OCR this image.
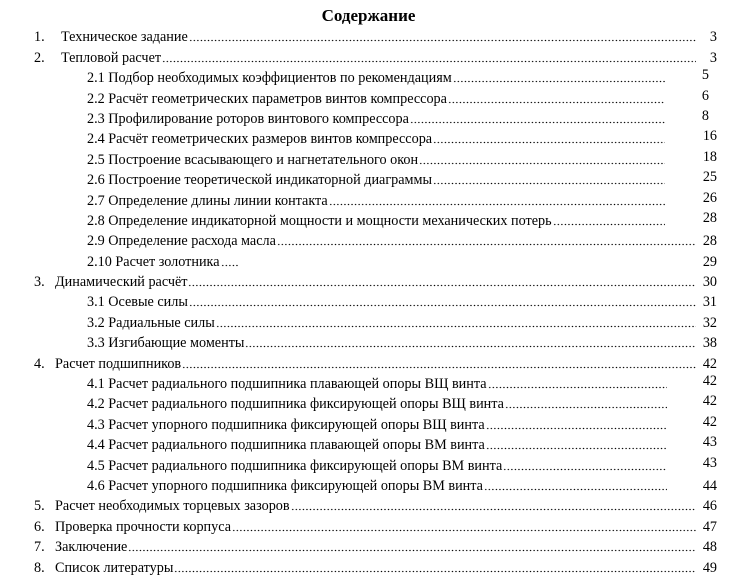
Содержание
1. Техническое задание	3
2. Тепловой расчет	3
2.1 Подбор необходимых коэффициентов по рекомендациям	5
2.2 Расчёт геометрических параметров винтов компрессора	6
2.3 Профилирование роторов винтового компрессора	8
2.4 Расчёт геометрических размеров винтов компрессора	16
2.5 Построение всасывающего и нагнетательного окон	18
2.6 Построение теоретической индикаторной диаграммы	25
2.7 Определение длины линии контакта	26
2.8 Определение индикаторной мощности и мощности механических потерь	28
2.9 Определение расхода масла	28
2.10 Расчет золотника	29
3. Динамический расчёт	30
3.1 Осевые силы	31
3.2 Радиальные силы	32
3.3 Изгибающие моменты	38
4. Расчет подшипников	42
4.1 Расчет радиального подшипника плавающей опоры ВЩ винта	42
4.2 Расчет радиального подшипника фиксирующей опоры ВЩ винта	42
4.3 Расчет упорного подшипника фиксирующей опоры ВЩ винта	42
4.4 Расчет радиального подшипника плавающей опоры ВМ винта	43
4.5 Расчет радиального подшипника фиксирующей опоры ВМ винта	43
4.6 Расчет упорного подшипника фиксирующей опоры ВМ винта	44
5. Расчет необходимых торцевых зазоров	46
6. Проверка прочности корпуса	47
7. Заключение	48
8. Список литературы	49
